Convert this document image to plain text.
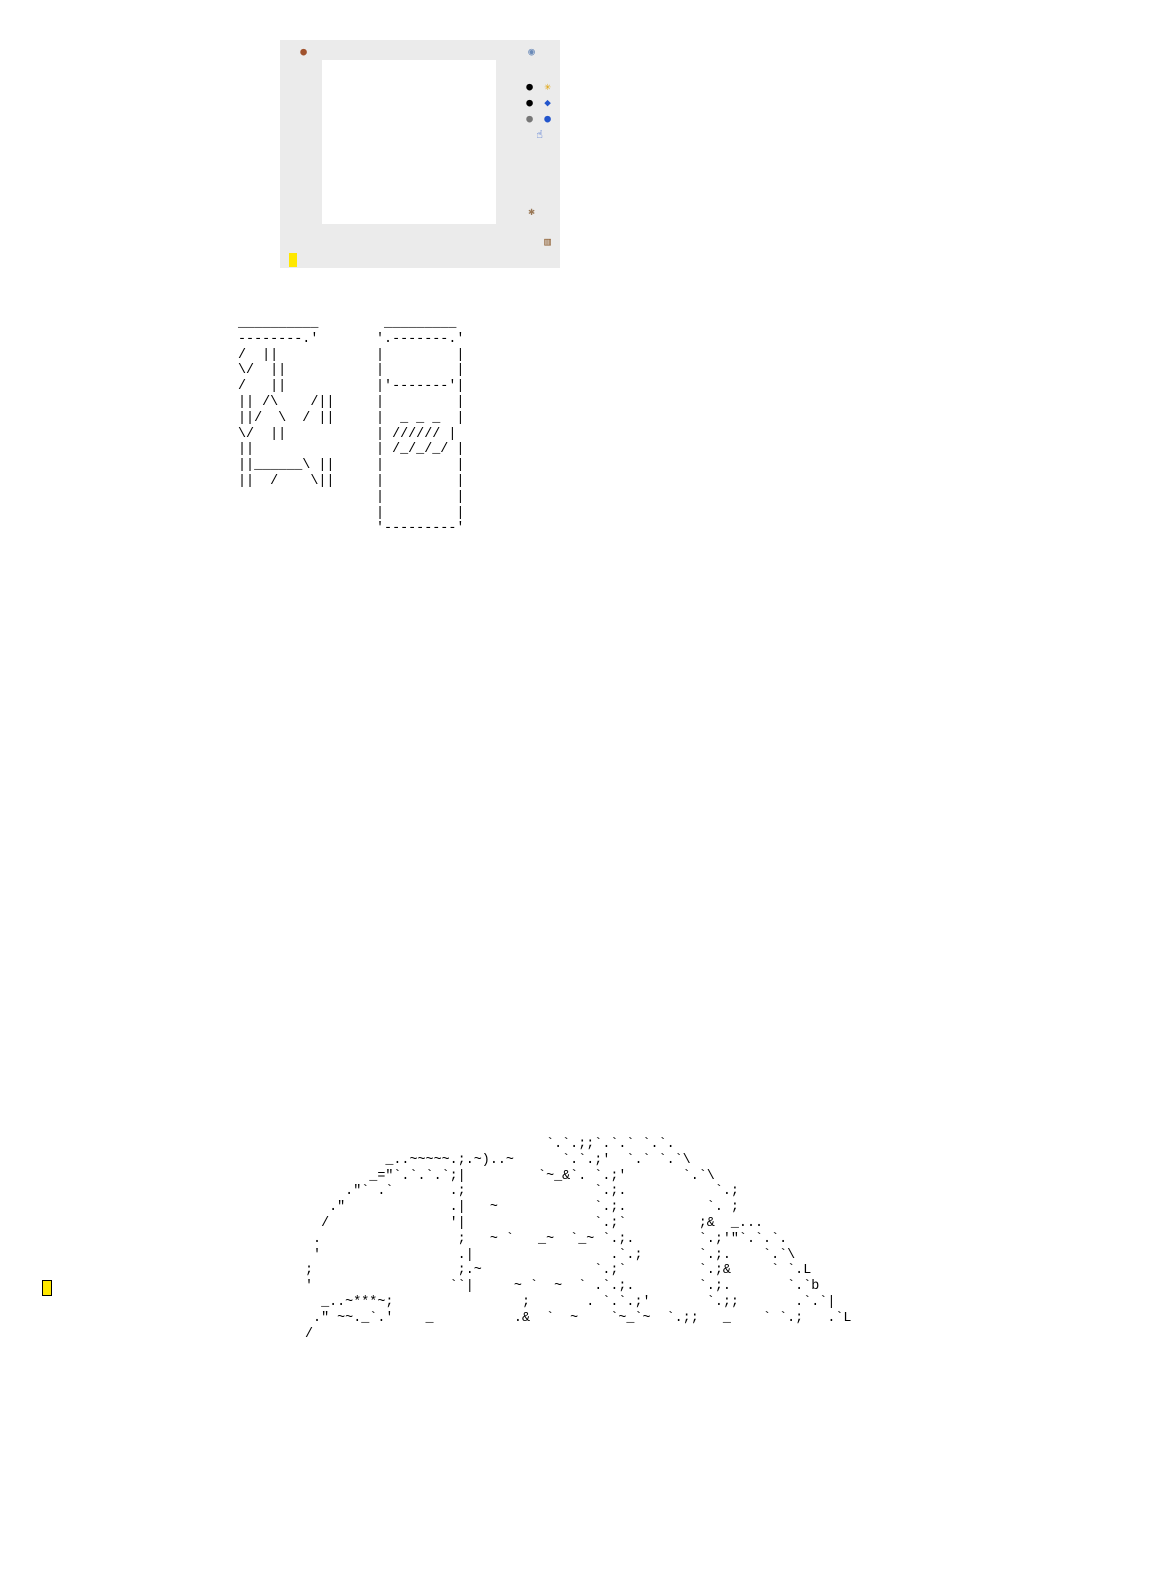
●	◉
● ✳
● ◆
● ●
☝
✱
▥

__________
--------.'
/  ||
\/  ||
/   ||
|| /\    /||
||/  \  / ||
\/  ||
||
||______\ ||
||  /    \||
_________
'.-------.'
|         |
|         |
|'-------'|
|         |
|  _ _ _  |
| ////// |
| /_/_/_/ |
|         |
|         |
|         |
|         |
'---------'

`.`.;;`.`.` `.`.
_..~~~~~.;.~)..~      `.`.;'  `.` `.`\
_="`.`.`.`;|         `~_&`. `.;'       `.`\
."` .`       .;                `.;.           `.;
."             .|   ~            `.;.          `. ;
/               '|                `.;`         ;&  _...
.                 ;   ~ `   _~  `_~ `.;.        `.;'"`.`.`.
'                 .|                 .`.;       `.;.    `.`\
;                  ;.~              `.;`         `.;&     ` `.L
'                 ``|     ~ `  ~  ` .`.;.        `.;.       `.`b
_..~***~;                ;       . `.`.;'       `.;;       .`.`|
." ~~._`.'    _          .&  `  ~    `~_`~  `.;;   _    ` `.;   .`L
/
